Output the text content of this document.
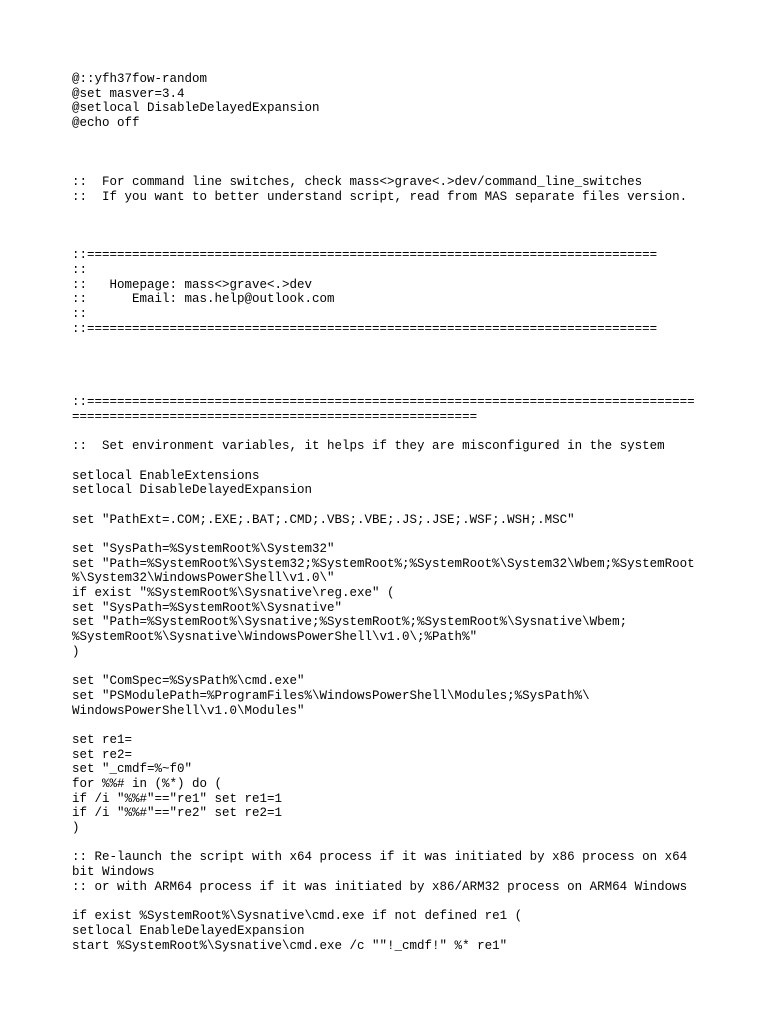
@::yfh37fow-random
@set masver=3.4
@setlocal DisableDelayedExpansion
@echo off
::  For command line switches, check mass<>grave<.>dev/command_line_switches
::  If you want to better understand script, read from MAS separate files version.
::============================================================================
::
::   Homepage: mass<>grave<.>dev
::      Email: mas.help@outlook.com
::
::============================================================================
::=================================================================================
======================================================
::  Set environment variables, it helps if they are misconfigured in the system
setlocal EnableExtensions
setlocal DisableDelayedExpansion
set "PathExt=.COM;.EXE;.BAT;.CMD;.VBS;.VBE;.JS;.JSE;.WSF;.WSH;.MSC"
set "SysPath=%SystemRoot%\System32"
set "Path=%SystemRoot%\System32;%SystemRoot%;%SystemRoot%\System32\Wbem;%SystemRoot
%\System32\WindowsPowerShell\v1.0\"
if exist "%SystemRoot%\Sysnative\reg.exe" (
set "SysPath=%SystemRoot%\Sysnative"
set "Path=%SystemRoot%\Sysnative;%SystemRoot%;%SystemRoot%\Sysnative\Wbem;
%SystemRoot%\Sysnative\WindowsPowerShell\v1.0\;%Path%"
)
set "ComSpec=%SysPath%\cmd.exe"
set "PSModulePath=%ProgramFiles%\WindowsPowerShell\Modules;%SysPath%\
WindowsPowerShell\v1.0\Modules"
set re1=
set re2=
set "_cmdf=%~f0"
for %%# in (%*) do (
if /i "%%#"=="re1" set re1=1
if /i "%%#"=="re2" set re2=1
)
:: Re-launch the script with x64 process if it was initiated by x86 process on x64
bit Windows
:: or with ARM64 process if it was initiated by x86/ARM32 process on ARM64 Windows
if exist %SystemRoot%\Sysnative\cmd.exe if not defined re1 (
setlocal EnableDelayedExpansion
start %SystemRoot%\Sysnative\cmd.exe /c ""!_cmdf!" %* re1"
